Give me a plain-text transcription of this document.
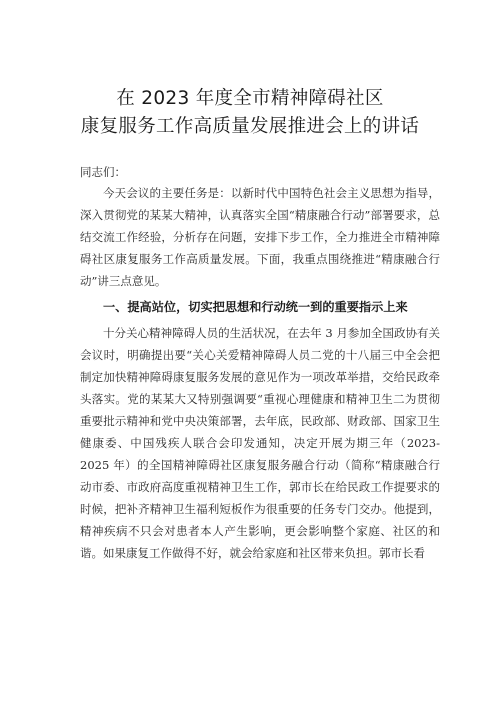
在 2023 年度全市精神障碍社区
康复服务工作高质量发展推进会上的讲话
同志们：

今天会议的主要任务是：以新时代中国特色社会主义思想为指导，深入贯彻党的某某大精神，认真落实全国“精康融合行动”部署要求，总结交流工作经验，分析存在问题，安排下步工作，全力推进全市精神障碍社区康复服务工作高质量发展。下面，我重点围绕推进“精康融合行动”讲三点意见。

一、提高站位，切实把思想和行动统一到的重要指示上来

十分关心精神障碍人员的生活状况，在去年 3 月参加全国政协有关会议时，明确提出要“关心关爱精神障碍人员二党的十八届三中全会把制定加快精神障碍康复服务发展的意见作为一项改革举措，交给民政牵头落实。党的某某大又特别强调要“重视心理健康和精神卫生二为贯彻重要批示精神和党中央决策部署，去年底，民政部、财政部、国家卫生健康委、中国残疾人联合会印发通知，决定开展为期三年（2023-2025 年）的全国精神障碍社区康复服务融合行动（简称“精康融合行动市委、市政府高度重视精神卫生工作，郭市长在给民政工作提要求的时候，把补齐精神卫生福利短板作为很重要的任务专门交办。他提到，精神疾病不只会对患者本人产生影响，更会影响整个家庭、社区的和谐。如果康复工作做得不好，就会给家庭和社区带来负担。郭市长看
